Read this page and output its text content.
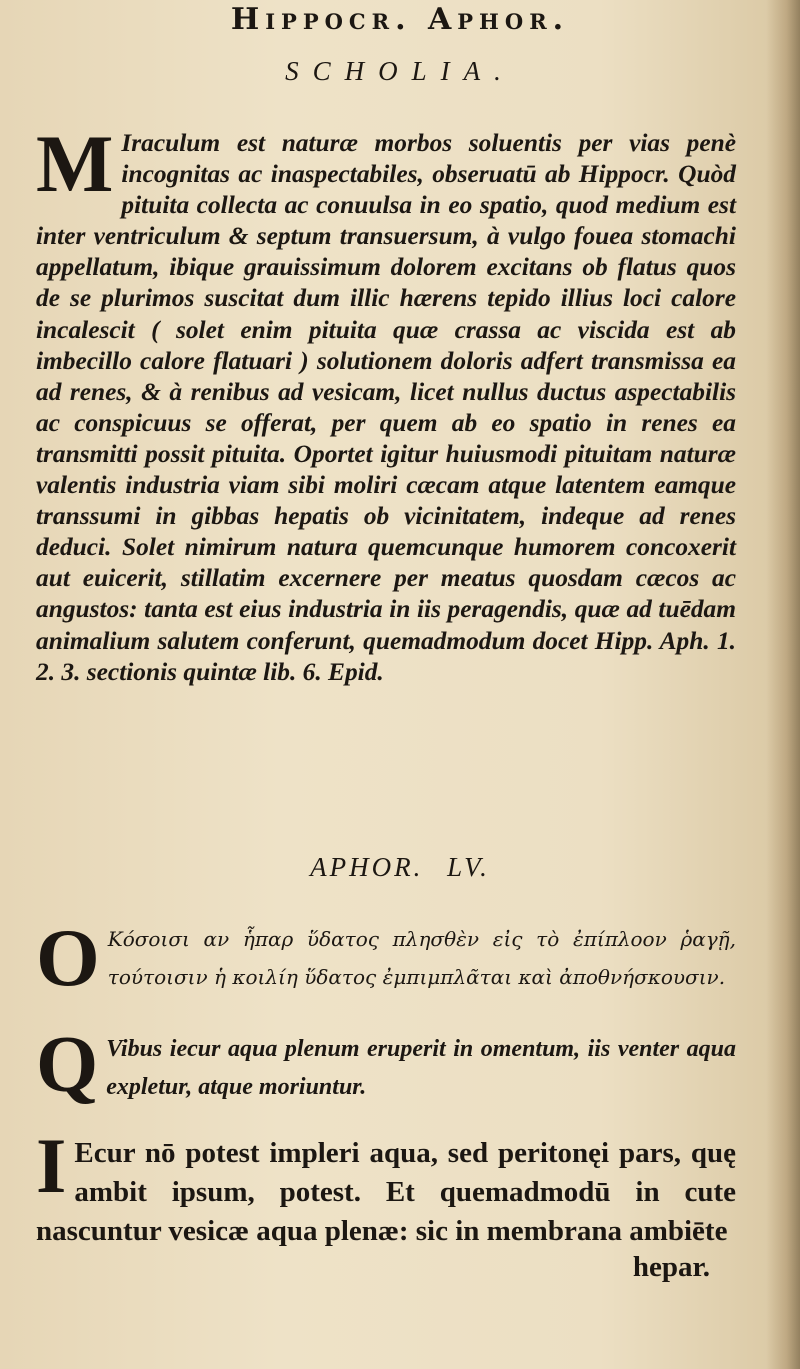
Hippocr. Aphor.
SCHOLIA.

M Iraculum est naturæ morbos soluentis per vias penè incognitas ac inaspectabiles, obseruatū ab Hippocr. Quòd pituita collecta ac conuulsa in eo spatio, quod medium est inter ventriculum & septum transuersum, à vulgo fouea stomachi appellatum, ibique grauissimum dolorem excitans ob flatus quos de se plurimos suscitat dum illic hærens tepido illius loci calore incalescit ( solet enim pituita quæ crassa ac viscida est ab imbecillo calore flatuari ) solutionem doloris adfert transmissa ea ad renes, & à renibus ad vesicam, licet nullus ductus aspectabilis ac conspicuus se offerat, per quem ab eo spatio in renes ea transmitti possit pituita. Oportet igitur huiusmodi pituitam naturæ valentis industria viam sibi moliri cæcam atque latentem eamque transsumi in gibbas hepatis ob vicinitatem, indeque ad renes deduci. Solet nimirum natura quemcunque humorem concoxerit aut euicerit, stillatim excernere per meatus quosdam cæcos ac angustos: tanta est eius industria in iis peragendis, quæ ad tuēdam animalium salutem conferunt, quemadmodum docet Hipp. Aph. 1. 2. 3. sectionis quintæ lib. 6. Epid.

APHOR. LV.

O Κόσοισι αν ἧπαρ ὕδατος πλησθὲν εἰς τὸ ἐπίπλοον ῥαγῇ, τούτοισιν ἡ κοιλίη ὕδατος ἐμπιμπλᾶται καὶ ἀποθνήσκουσιν.

Q Vibus iecur aqua plenum eruperit in omentum, iis venter aqua expletur, atque moriuntur.

I Ecur nō potest impleri aqua, sed peritonęi pars, quę ambit ipsum, potest. Et quemadmodū in cute nascuntur vesicæ aqua plenæ: sic in membrana ambiēte

hepar.
